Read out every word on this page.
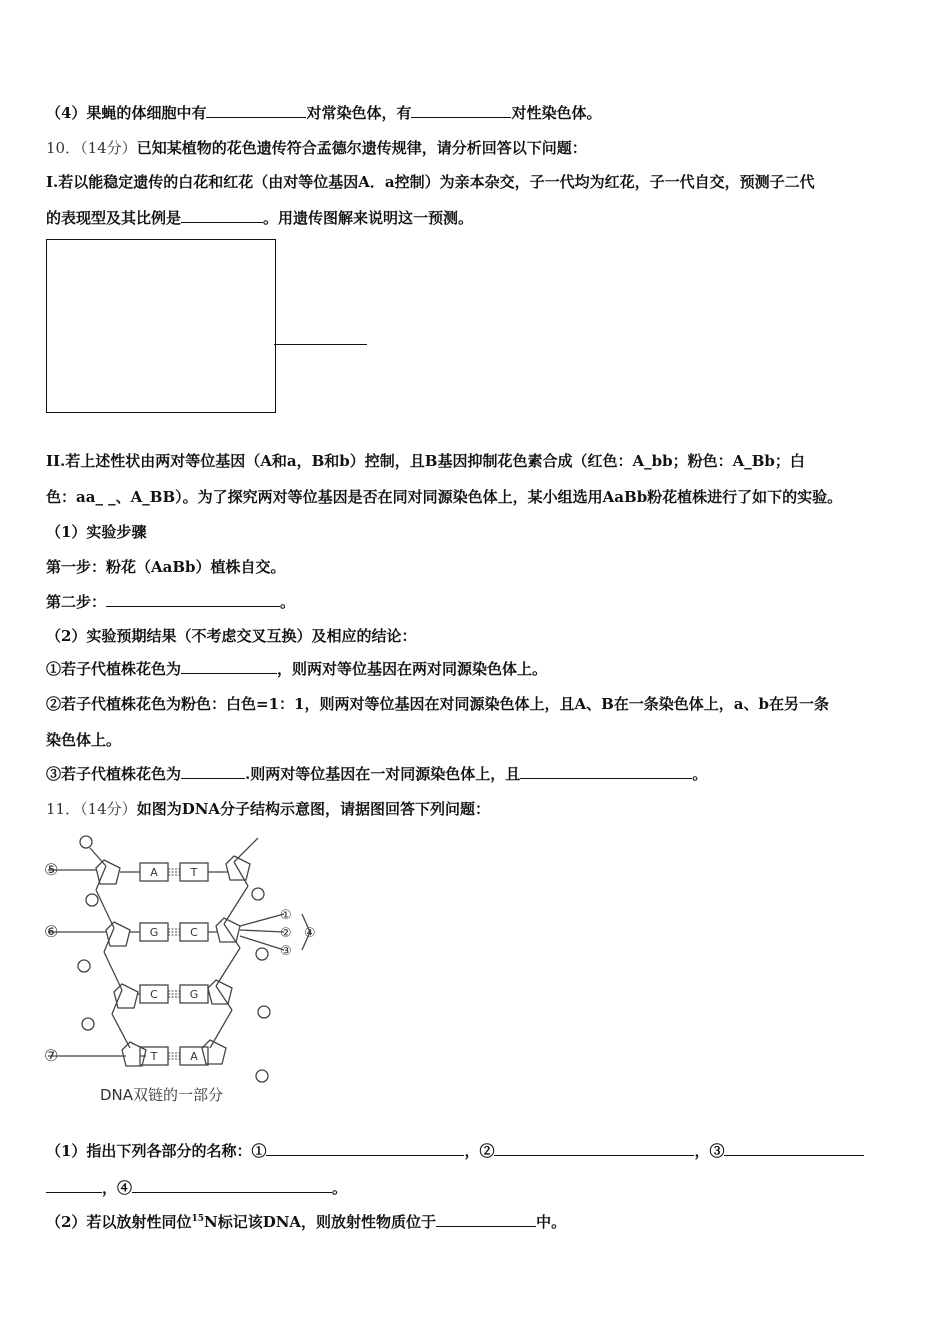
（4）果蝇的体细胞中有	对常染色体，有	对性染色体。
10．（14分）已知某植物的花色遗传符合孟德尔遗传规律，请分析回答以下问题：
I.若以能稳定遗传的白花和红花（由对等位基因A．a控制）为亲本杂交，子一代均为红花，子一代自交，预测子二代
的表现型及其比例是	。用遗传图解来说明这一预测。
II.若上述性状由两对等位基因（A和a，B和b）控制，且B基因抑制花色素合成（红色：A_bb；粉色：A_Bb；白
色：aa_ _、A_BB）。为了探究两对等位基因是否在同对同源染色体上，某小组选用AaBb粉花植株进行了如下的实验。
（1）实验步骤
第一步：粉花（AaBb）植株自交。
第二步：	。
（2）实验预期结果（不考虑交叉互换）及相应的结论：
①若子代植株花色为	，则两对等位基因在两对同源染色体上。
②若子代植株花色为粉色：白色=1：1，则两对等位基因在对同源染色体上，且A、B在一条染色体上，a、b在另一条
染色体上。
③若子代植株花色为	.则两对等位基因在一对同源染色体上，且	。
11．（14分）如图为DNA分子结构示意图，请据图回答下列问题：
A	T
G	C
C	G
T	A
⑤
⑥
⑦
①
②
③
④
DNA双链的一部分
（1）指出下列各部分的名称：①	，②	，③
，④	。
（2）若以放射性同位$^{15}$N标记该DNA，则放射性物质位于	中。
